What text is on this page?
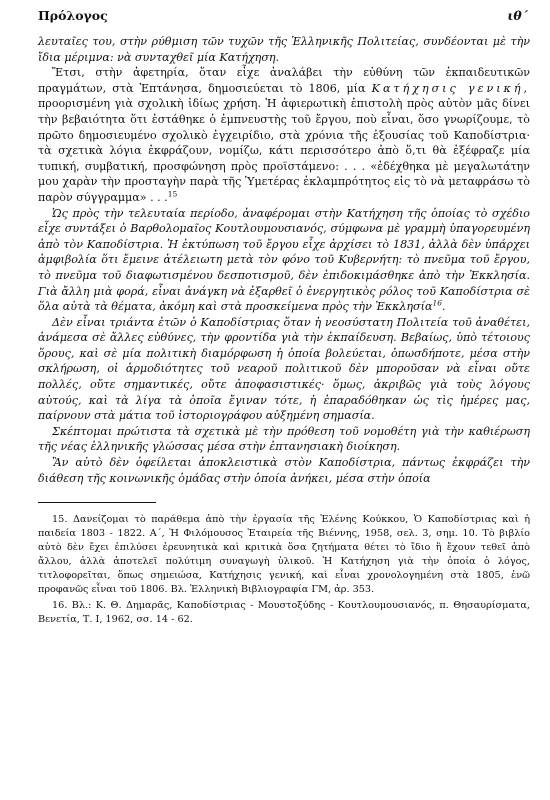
Πρόλογος	ιθ΄

λευταῖες του, στὴν ρύθμιση τῶν τυχῶν τῆς Ἑλληνικῆς Πολιτείας, συνδέονται μὲ τὴν ἴδια μέριμνα: νὰ συνταχθεῖ μία Κατήχηση.

Ἔτσι, στὴν ἀφετηρία, ὅταν εἶχε ἀναλάβει τὴν εὐθύνη τῶν ἐκπαιδευτικῶν πραγμάτων, στὰ Ἐπτάνησα, δημοσιεύεται τὸ 1806, μία Κατήχησις γενική, προορισμένη γιὰ σχολικὴ ἰδίως χρήση. Ἡ ἀφιερωτικὴ ἐπιστολὴ πρὸς αὐτὸν μᾶς δίνει τὴν βεβαιότητα ὅτι ἐστάθηκε ὁ ἐμπνευστὴς τοῦ ἔργου, ποὺ εἶναι, ὅσο γνωρίζουμε, τὸ πρῶτο δημοσιευμένο σχολικὸ ἐγχειρίδιο, στὰ χρόνια τῆς ἐξουσίας τοῦ Καποδίστρια· τὰ σχετικὰ λόγια ἐκφράζουν, νομίζω, κάτι περισσότερο ἀπὸ ὅ,τι θὰ ἐξέφραζε μία τυπική, συμβατική, προσφώνηση πρὸς προϊστάμενο: . . . «ἐδέχθηκα μὲ μεγαλωτάτην μου χαρὰν τὴν προσταγὴν παρὰ τῆς Ὑμετέρας ἐκλαμπρότητος εἰς τὸ νὰ μεταφράσω τὸ παρὸν σύγγραμμα» . . .$^{15}$

Ὡς πρὸς τὴν τελευταία περίοδο, ἀναφέρομαι στὴν Κατήχηση τῆς ὁποίας τὸ σχέδιο εἶχε συντάξει ὁ Βαρθολομαῖος Κουτλουμουσιανός, σύμφωνα μὲ γραμμὴ ὑπαγορευμένη ἀπὸ τὸν Καποδίστρια. Ἡ ἐκτύπωση τοῦ ἔργου εἶχε ἀρχίσει τὸ 1831, ἀλλὰ δὲν ὑπάρχει ἀμφιβολία ὅτι ἔμεινε ἀτέλειωτη μετὰ τὸν φόνο τοῦ Κυβερνήτη: τὸ πνεῦμα τοῦ ἔργου, τὸ πνεῦμα τοῦ διαφωτισμένου δεσποτισμοῦ, δὲν ἐπιδοκιμάσθηκε ἀπὸ τὴν Ἐκκλησία. Γιὰ ἄλλη μιὰ φορά, εἶναι ἀνάγκη νὰ ἐξαρθεῖ ὁ ἐνεργητικὸς ρόλος τοῦ Καποδίστρια σὲ ὅλα αὐτὰ τὰ θέματα, ἀκόμη καὶ στὰ προσκείμενα πρὸς τὴν Ἐκκλησία$^{16}$.

Δὲν εἶναι τριάντα ἐτῶν ὁ Καποδίστριας ὅταν ἡ νεοσύστατη Πολιτεία τοῦ ἀναθέτει, ἀνάμεσα σὲ ἄλλες εὐθύνες, τὴν φροντίδα γιὰ τὴν ἐκπαίδευση. Βεβαίως, ὑπὸ τέτοιους ὅρους, καὶ σὲ μία πολιτικὴ διαμόρφωση ἡ ὁποία βολεύεται, ὁπωσδήποτε, μέσα στὴν σκλήρωση, οἱ ἁρμοδιότητες τοῦ νεαροῦ πολιτικοῦ δὲν μποροῦσαν νὰ εἶναι οὔτε πολλές, οὔτε σημαντικές, οὔτε ἀποφασιστικές· ὅμως, ἀκριβῶς γιὰ τοὺς λόγους αὐτούς, καὶ τὰ λίγα τὰ ὁποῖα ἔγιναν τότε, ἡ ἐπαραδόθηκαν ὡς τὶς ἡμέρες μας, παίρνουν στὰ μάτια τοῦ ἱστοριογράφου αὐξημένη σημασία.

Σκέπτομαι πρώτιστα τὰ σχετικὰ μὲ τὴν πρόθεση τοῦ νομοθέτη γιὰ τὴν καθιέρωση τῆς νέας ἑλληνικῆς γλώσσας μέσα στὴν ἐπτανησιακὴ διοίκηση.

Ἂν αὐτὸ δὲν ὀφείλεται ἀποκλειστικὰ στὸν Καποδίστρια, πάντως ἐκφράζει τὴν διάθεση τῆς κοινωνικῆς ὁμάδας στὴν ὁποία ἀνήκει, μέσα στὴν ὁποία

15. Δανείζομαι τὸ παράθεμα ἀπὸ τὴν ἐργασία τῆς Ἑλένης Κούκκου, Ὁ Καποδίστριας καὶ ἡ παιδεία 1803 - 1822. Α΄, Ἡ Φιλόμουσος Ἑταιρεία τῆς Βιέννης, 1958, σελ. 3, σημ. 10. Τὸ βιβλίο αὐτὸ δὲν ἔχει ἐπιλύσει ἐρευνητικὰ καὶ κριτικὰ ὅσα ζητήματα θέτει τὸ ἴδιο ἢ ἔχουν τεθεῖ ἀπὸ ἄλλου, ἀλλὰ ἀποτελεῖ πολύτιμη συναγωγὴ ὑλικοῦ. Ἡ Κατήχηση γιὰ τὴν ὁποία ὁ λόγος, τιτλοφορεῖται, ὅπως σημειώσα, Κατήχησις γενική, καὶ εἶναι χρονολογημένη στὰ 1805, ἐνῶ προφανῶς εἶναι τοῦ 1806. Βλ. Ἑλληνικὴ Βιβλιογραφία ΓΜ, ἀρ. 353.

16. Βλ.: Κ. Θ. Δημαρᾶς, Καποδίστριας - Μουστοξύδης - Κουτλουμουσιανός, π. Θησαυρίσματα, Βενετία, Τ. Ι, 1962, σσ. 14 - 62.
